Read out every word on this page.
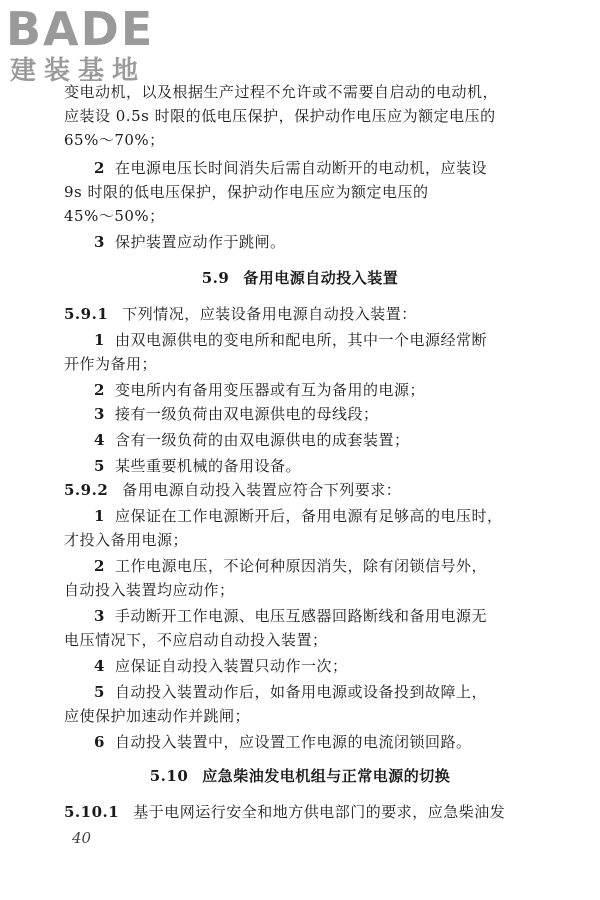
BADE
建装基地
变电动机，以及根据生产过程不允许或不需要自启动的电动机，
应装设 0.5s 时限的低电压保护，保护动作电压应为额定电压的
65%～70%；
2 在电源电压长时间消失后需自动断开的电动机，应装设
9s 时限的低电压保护，保护动作电压应为额定电压的
45%～50%；
3 保护装置应动作于跳闸。
5.9 备用电源自动投入装置
5.9.1 下列情况，应装设备用电源自动投入装置：
1 由双电源供电的变电所和配电所，其中一个电源经常断
开作为备用；
2 变电所内有备用变压器或有互为备用的电源；
3 接有一级负荷由双电源供电的母线段；
4 含有一级负荷的由双电源供电的成套装置；
5 某些重要机械的备用设备。
5.9.2 备用电源自动投入装置应符合下列要求：
1 应保证在工作电源断开后，备用电源有足够高的电压时，
才投入备用电源；
2 工作电源电压，不论何种原因消失，除有闭锁信号外，
自动投入装置均应动作；
3 手动断开工作电源、电压互感器回路断线和备用电源无
电压情况下，不应启动自动投入装置；
4 应保证自动投入装置只动作一次；
5 自动投入装置动作后，如备用电源或设备投到故障上，
应使保护加速动作并跳闸；
6 自动投入装置中，应设置工作电源的电流闭锁回路。
5.10 应急柴油发电机组与正常电源的切换
5.10.1 基于电网运行安全和地方供电部门的要求，应急柴油发
40
